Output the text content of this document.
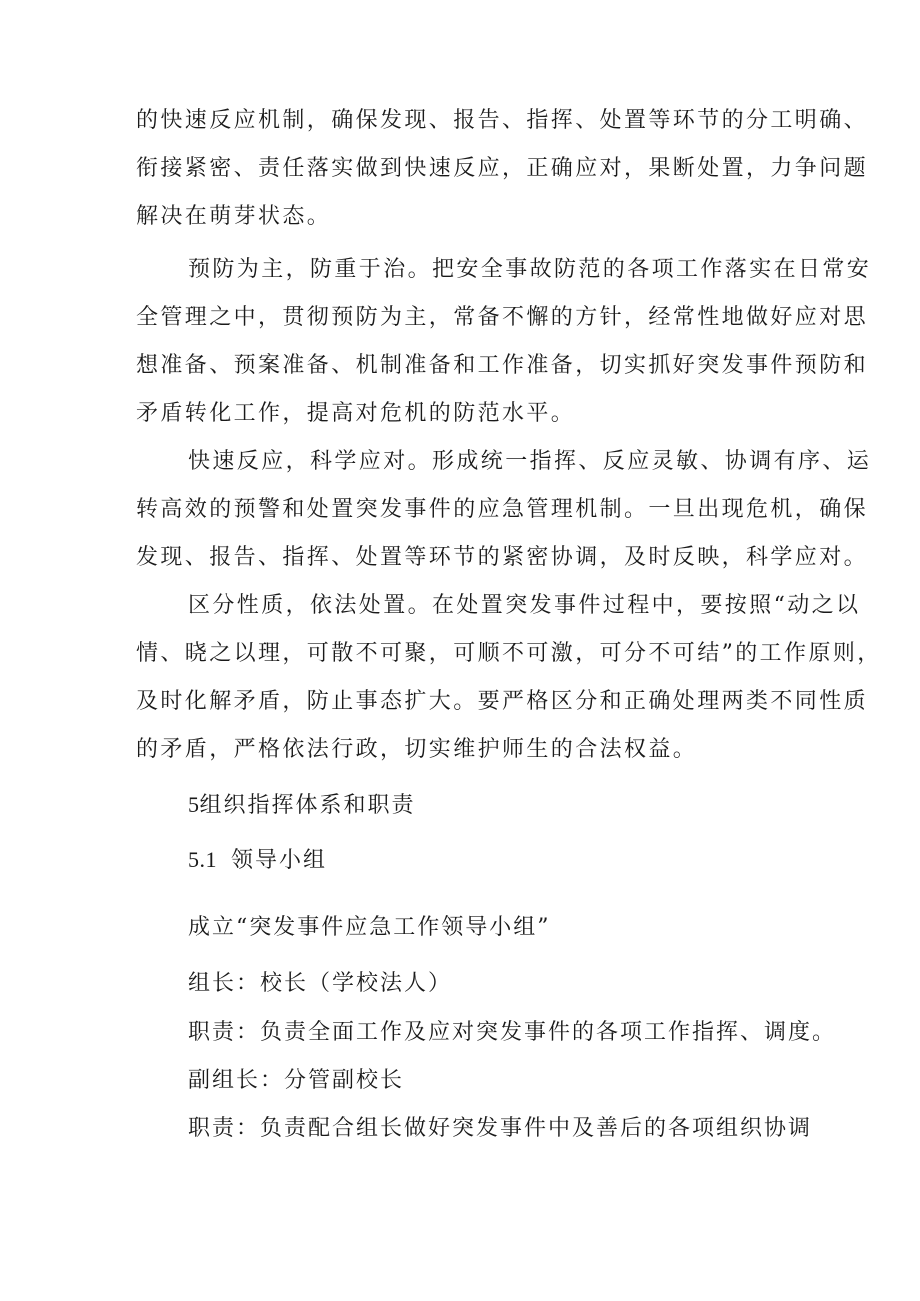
的快速反应机制，确保发现、报告、指挥、处置等环节的分工明确、
衔接紧密、责任落实做到快速反应，正确应对，果断处置，力争问题
解决在萌芽状态。
预防为主，防重于治。把安全事故防范的各项工作落实在日常安
全管理之中，贯彻预防为主，常备不懈的方针，经常性地做好应对思
想准备、预案准备、机制准备和工作准备，切实抓好突发事件预防和
矛盾转化工作，提高对危机的防范水平。
快速反应，科学应对。形成统一指挥、反应灵敏、协调有序、运
转高效的预警和处置突发事件的应急管理机制。一旦出现危机，确保
发现、报告、指挥、处置等环节的紧密协调，及时反映，科学应对。
区分性质，依法处置。在处置突发事件过程中，要按照“动之以
情、晓之以理，可散不可聚，可顺不可激，可分不可结”的工作原则，
及时化解矛盾，防止事态扩大。要严格区分和正确处理两类不同性质
的矛盾，严格依法行政，切实维护师生的合法权益。
5组织指挥体系和职责
5.1 领导小组
成立“突发事件应急工作领导小组”
组长：校长（学校法人）
职责：负责全面工作及应对突发事件的各项工作指挥、调度。
副组长：分管副校长
职责：负责配合组长做好突发事件中及善后的各项组织协调
